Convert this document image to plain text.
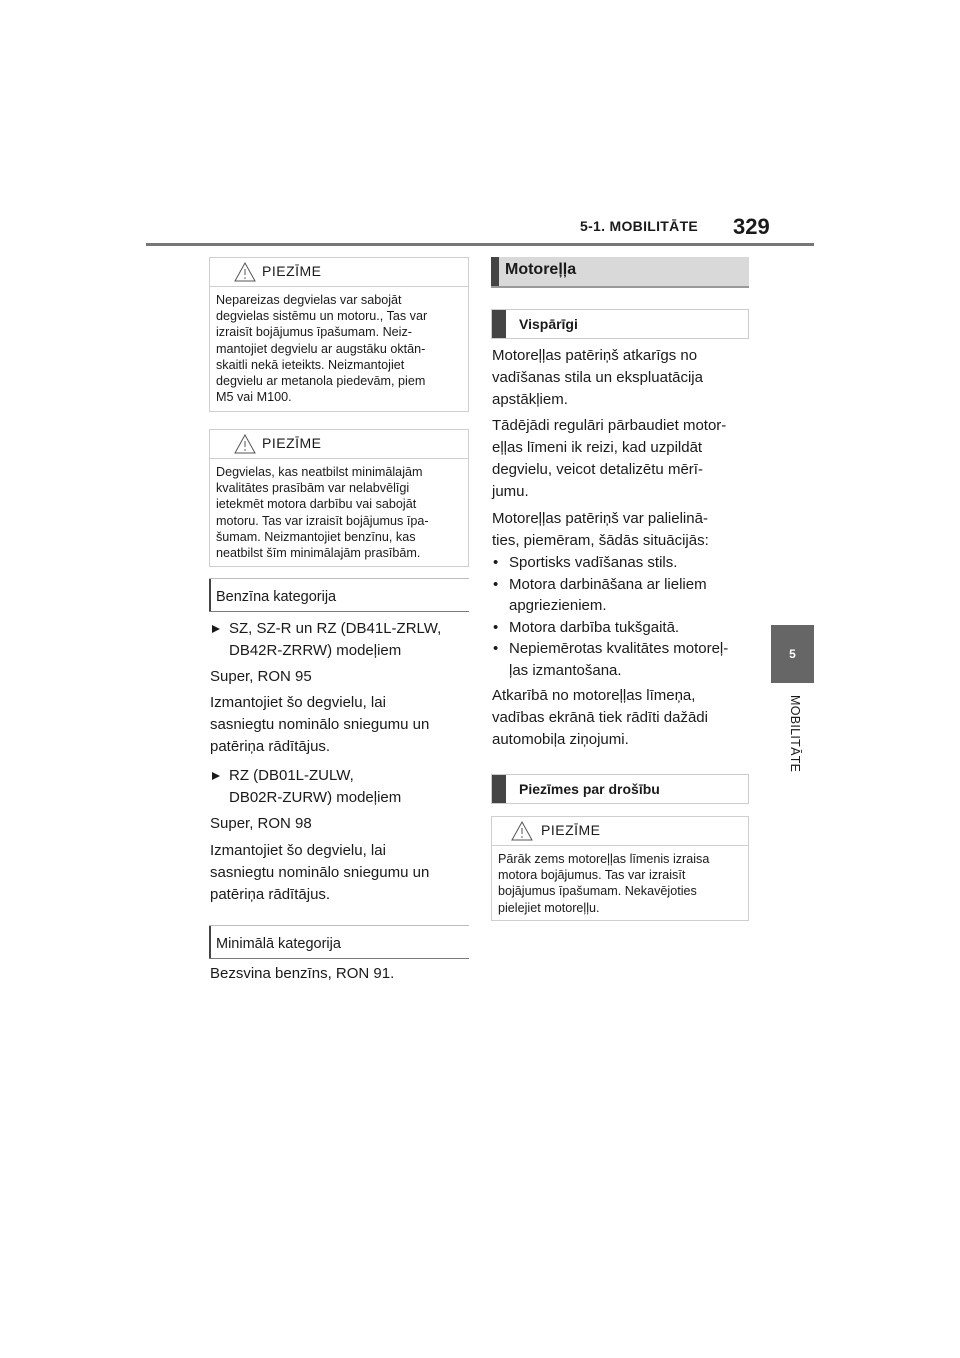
5-1. MOBILITĀTE 329
5
MOBILITĀTE
PIEZĪME
Nepareizas degvielas var sabojāt
degvielas sistēmu un motoru., Tas var
izraisīt bojājumus īpašumam. Neiz-
mantojiet degvielu ar augstāku oktān-
skaitli nekā ieteikts. Neizmantojiet
degvielu ar metanola piedevām, piem
M5 vai M100.
PIEZĪME
Degvielas, kas neatbilst minimālajām
kvalitātes prasībām var nelabvēlīgi
ietekmēt motora darbību vai sabojāt
motoru. Tas var izraisīt bojājumus īpa-
šumam. Neizmantojiet benzīnu, kas
neatbilst šīm minimālajām prasībām.
Benzīna kategorija
SZ, SZ-R un RZ (DB41L-ZRLW,
DB42R-ZRRW) modeļiem
Super, RON 95
Izmantojiet šo degvielu, lai
sasniegtu nominālo sniegumu un
patēriņa rādītājus.
RZ (DB01L-ZULW,
DB02R-ZURW) modeļiem
Super, RON 98
Izmantojiet šo degvielu, lai
sasniegtu nominālo sniegumu un
patēriņa rādītājus.
Minimālā kategorija
Bezsvina benzīns, RON 91.
Motoreļļa
Vispārīgi
Motoreļļas patēriņš atkarīgs no
vadīšanas stila un ekspluatācija
apstākļiem.
Tādējādi regulāri pārbaudiet motor-
eļļas līmeni ik reizi, kad uzpildāt
degvielu, veicot detalizētu mērī-
jumu.
Motoreļļas patēriņš var palielinā-
ties, piemēram, šādās situācijās:
• Sportisks vadīšanas stils.
• Motora darbināšana ar lieliem
apgriezieniem.
• Motora darbība tukšgaitā.
• Nepiemērotas kvalitātes motoreļ-
ļas izmantošana.
Atkarībā no motoreļļas līmeņa,
vadības ekrānā tiek rādīti dažādi
automobiļa ziņojumi.
Piezīmes par drošību
PIEZĪME
Pārāk zems motoreļļas līmenis izraisa
motora bojājumus. Tas var izraisīt
bojājumus īpašumam. Nekavējoties
pielejiet motoreļļu.
